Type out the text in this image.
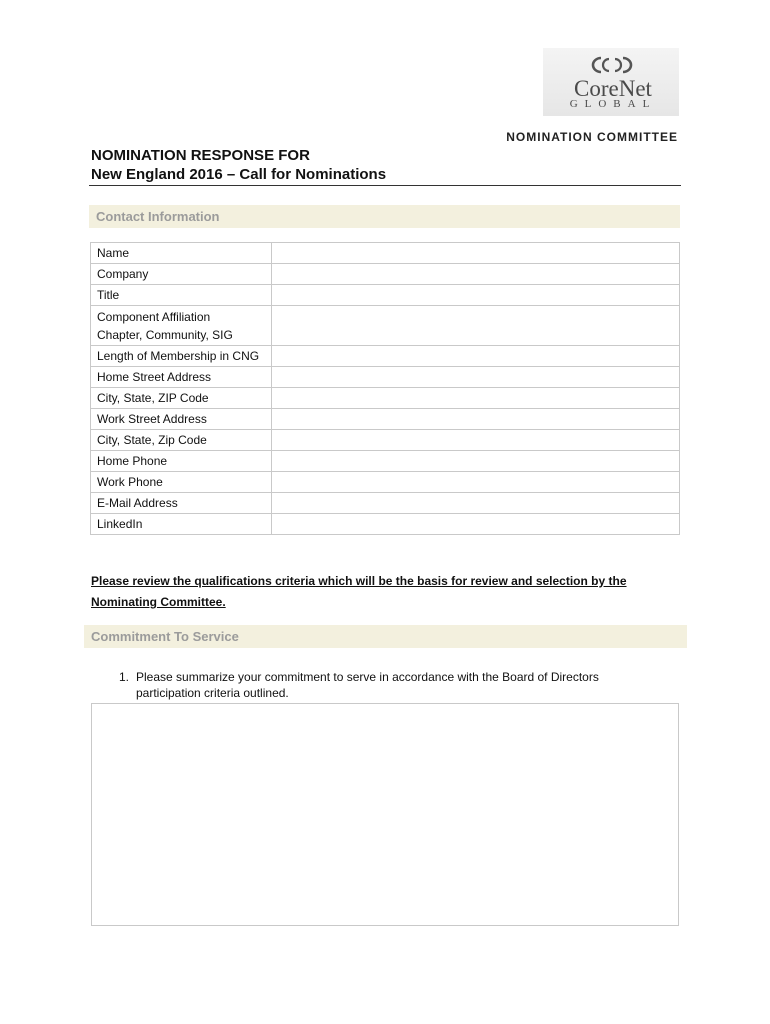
CoreNet
GLOBAL
NOMINATION COMMITTEE
NOMINATION RESPONSE FOR
New England 2016 – Call for Nominations
Contact Information
Name	
Company	
Title	

Component Affiliation
Chapter, Community, SIG	

Length of Membership in CNG	
Home Street Address	
City, State, ZIP Code	
Work Street Address	
City, State, Zip Code	
Home Phone	
Work Phone	
E-Mail Address	
LinkedIn	
Please review the qualifications criteria which will be the basis for review and selection by the Nominating Committee.
Commitment To Service
1. Please summarize your commitment to serve in accordance with the Board of Directors
participation criteria outlined.
